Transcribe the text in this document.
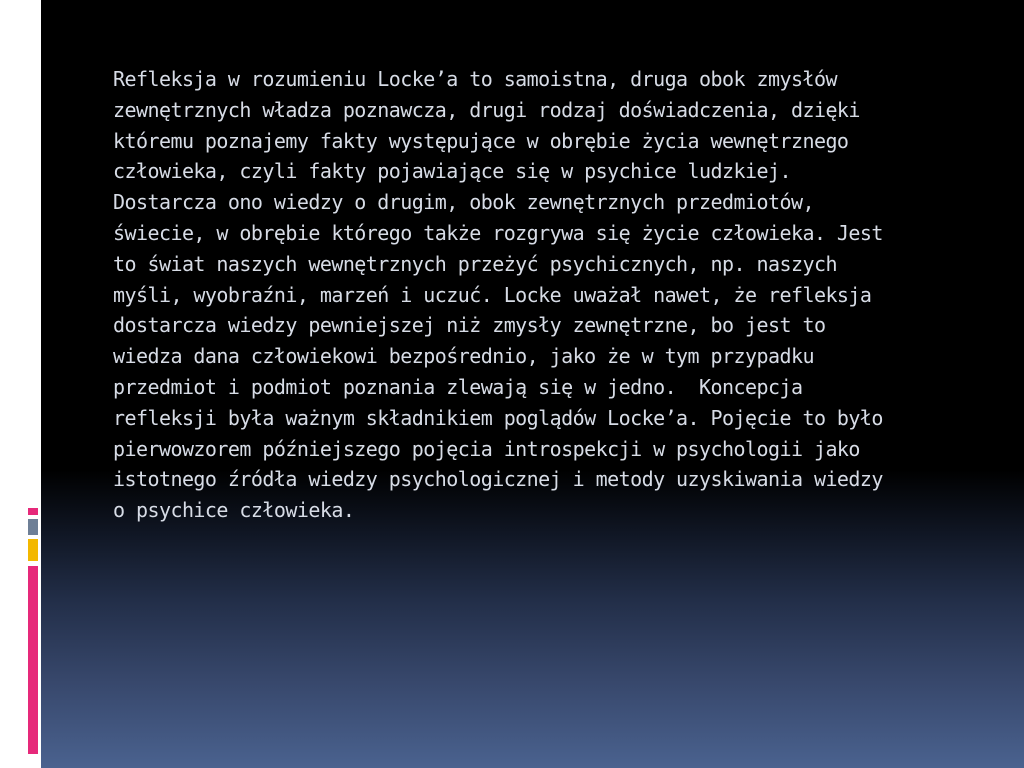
Refleksja w rozumieniu Locke’a to samoistna, druga obok zmysłów
zewnętrznych władza poznawcza, drugi rodzaj doświadczenia, dzięki
któremu poznajemy fakty występujące w obrębie życia wewnętrznego
człowieka, czyli fakty pojawiające się w psychice ludzkiej.
Dostarcza ono wiedzy o drugim, obok zewnętrznych przedmiotów,
świecie, w obrębie którego także rozgrywa się życie człowieka. Jest
to świat naszych wewnętrznych przeżyć psychicznych, np. naszych
myśli, wyobraźni, marzeń i uczuć. Locke uważał nawet, że refleksja
dostarcza wiedzy pewniejszej niż zmysły zewnętrzne, bo jest to
wiedza dana człowiekowi bezpośrednio, jako że w tym przypadku
przedmiot i podmiot poznania zlewają się w jedno.  Koncepcja
refleksji była ważnym składnikiem poglądów Locke’a. Pojęcie to było
pierwowzorem późniejszego pojęcia introspekcji w psychologii jako
istotnego źródła wiedzy psychologicznej i metody uzyskiwania wiedzy
o psychice człowieka.
